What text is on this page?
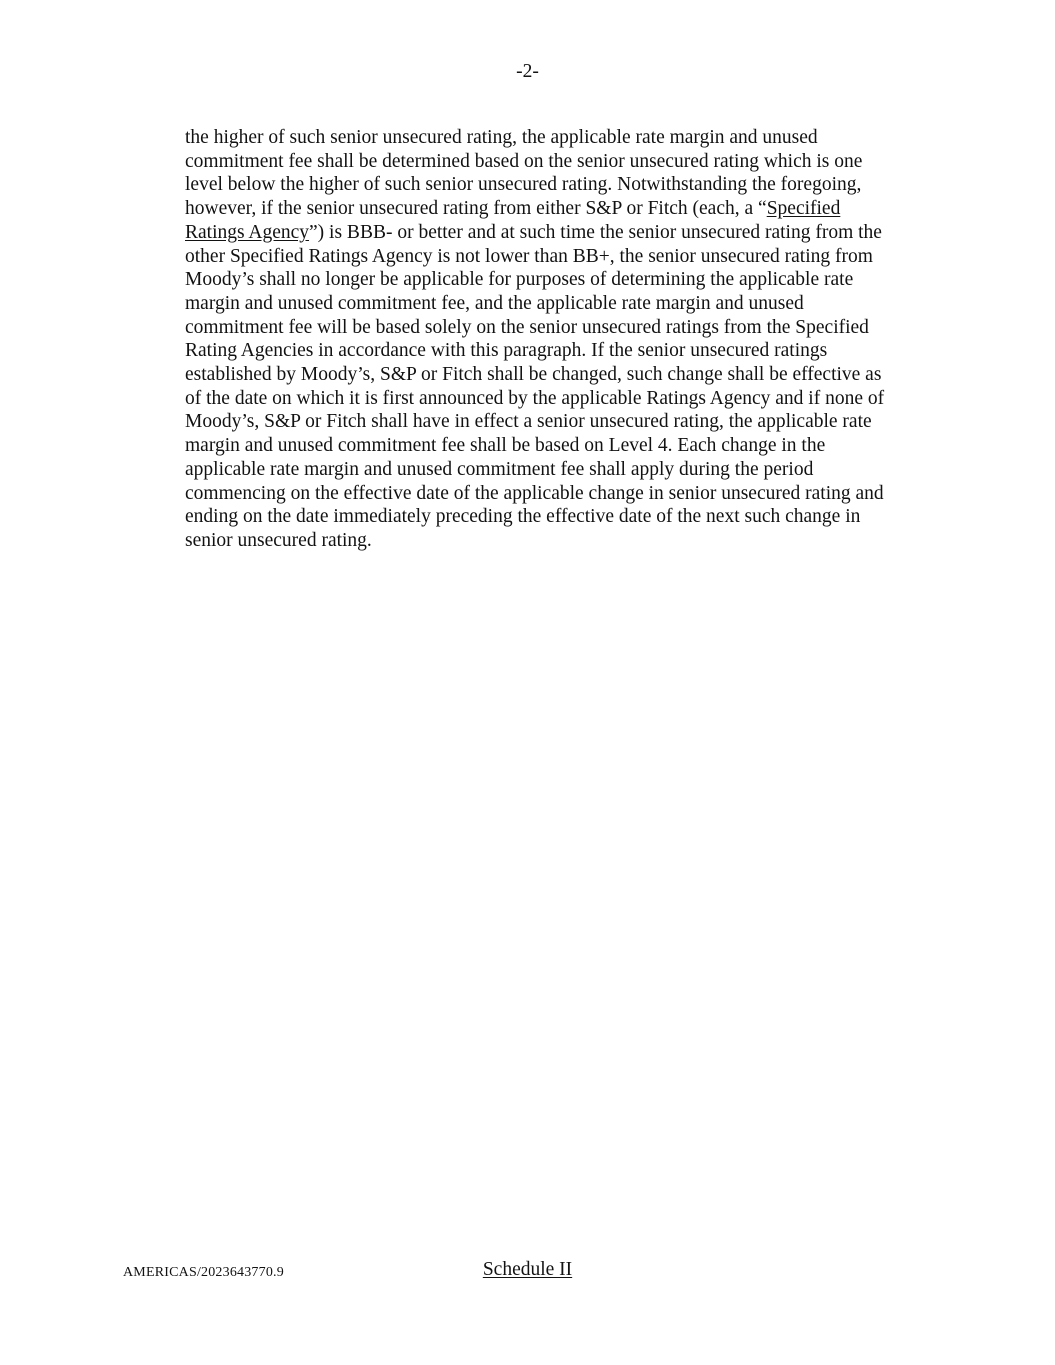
-2-
the higher of such senior unsecured rating, the applicable rate margin and unused
commitment fee shall be determined based on the senior unsecured rating which is one
level below the higher of such senior unsecured rating. Notwithstanding the foregoing,
however, if the senior unsecured rating from either S&P or Fitch (each, a “Specified
Ratings Agency”) is BBB- or better and at such time the senior unsecured rating from the
other Specified Ratings Agency is not lower than BB+, the senior unsecured rating from
Moody’s shall no longer be applicable for purposes of determining the applicable rate
margin and unused commitment fee, and the applicable rate margin and unused
commitment fee will be based solely on the senior unsecured ratings from the Specified
Rating Agencies in accordance with this paragraph. If the senior unsecured ratings
established by Moody’s, S&P or Fitch shall be changed, such change shall be effective as
of the date on which it is first announced by the applicable Ratings Agency and if none of
Moody’s, S&P or Fitch shall have in effect a senior unsecured rating, the applicable rate
margin and unused commitment fee shall be based on Level 4. Each change in the
applicable rate margin and unused commitment fee shall apply during the period
commencing on the effective date of the applicable change in senior unsecured rating and
ending on the date immediately preceding the effective date of the next such change in
senior unsecured rating.
AMERICAS/2023643770.9	Schedule II
